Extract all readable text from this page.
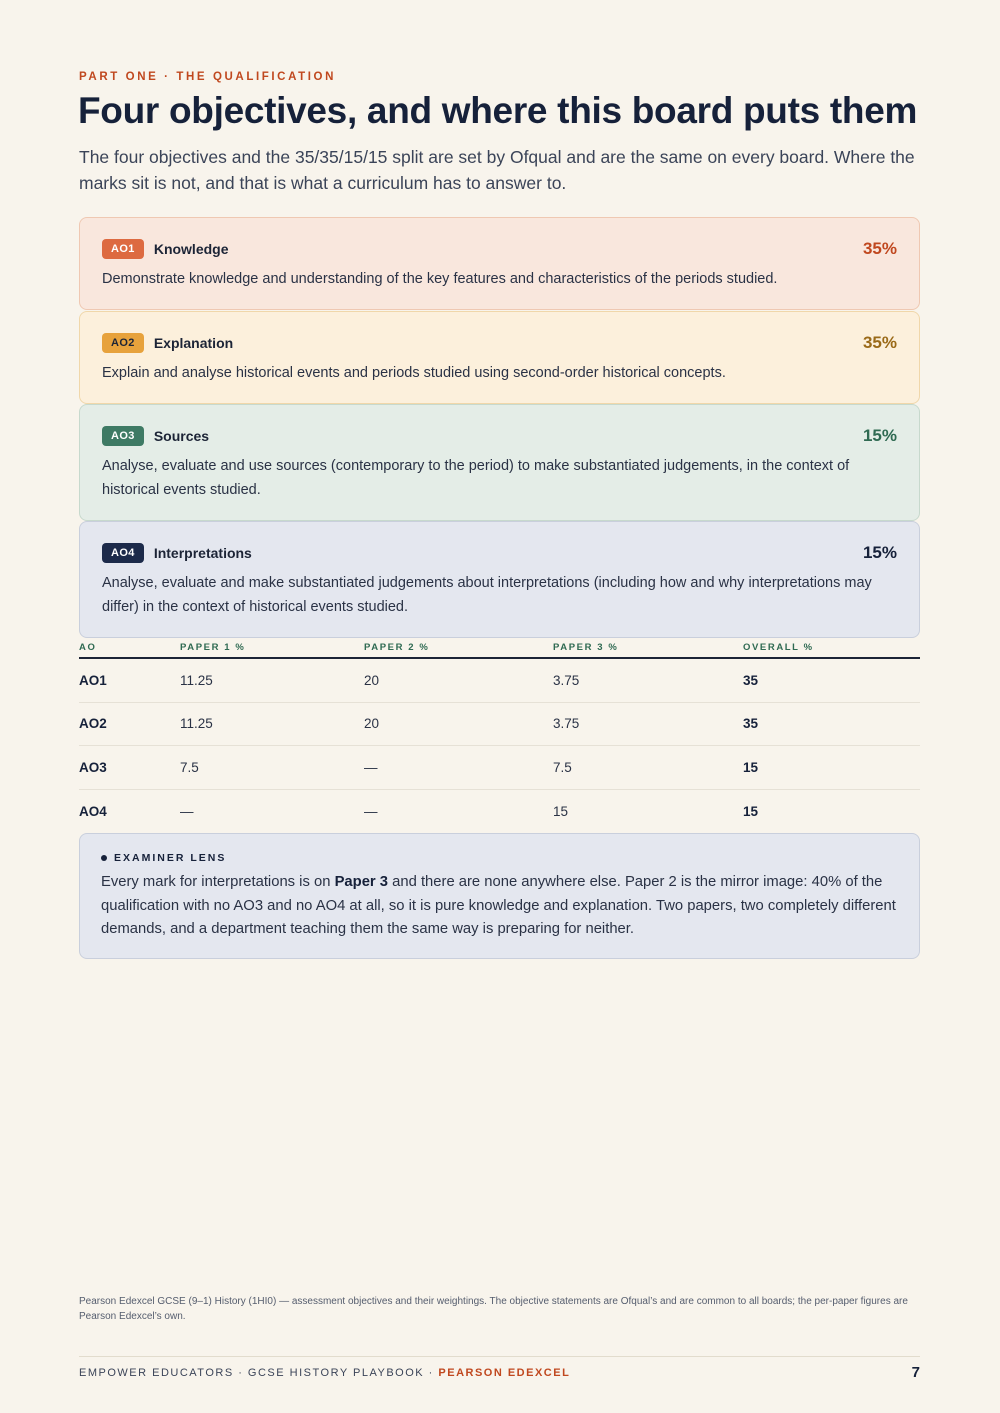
PART ONE · THE QUALIFICATION
Four objectives, and where this board puts them

The four objectives and the 35/35/15/15 split are set by Ofqual and are the same on every board. Where the marks sit is not, and that is what a curriculum has to answer to.

AO1	Knowledge	35%

Demonstrate knowledge and understanding of the key features and characteristics of the periods studied.

AO2	Explanation	35%

Explain and analyse historical events and periods studied using second-order historical concepts.

AO3	Sources	15%

Analyse, evaluate and use sources (contemporary to the period) to make substantiated judgements, in the context of historical events studied.

AO4	Interpretations	15%

Analyse, evaluate and make substantiated judgements about interpretations (including how and why interpretations may differ) in the context of historical events studied.

AO	PAPER 1 %	PAPER 2 %	PAPER 3 %	OVERALL %
AO1	11.25	20	3.75	35
AO2	11.25	20	3.75	35
AO3	7.5	—	7.5	15
AO4	—	—	15	15
EXAMINER LENS

Every mark for interpretations is on Paper 3 and there are none anywhere else. Paper 2 is the mirror image: 40% of the qualification with no AO3 and no AO4 at all, so it is pure knowledge and explanation. Two papers, two completely different demands, and a department teaching them the same way is preparing for neither.

Pearson Edexcel GCSE (9–1) History (1HI0) — assessment objectives and their weightings. The objective statements are Ofqual’s and are common to all boards; the per-paper figures are Pearson Edexcel’s own.

EMPOWER EDUCATORS · GCSE HISTORY PLAYBOOK · PEARSON EDEXCEL	7
